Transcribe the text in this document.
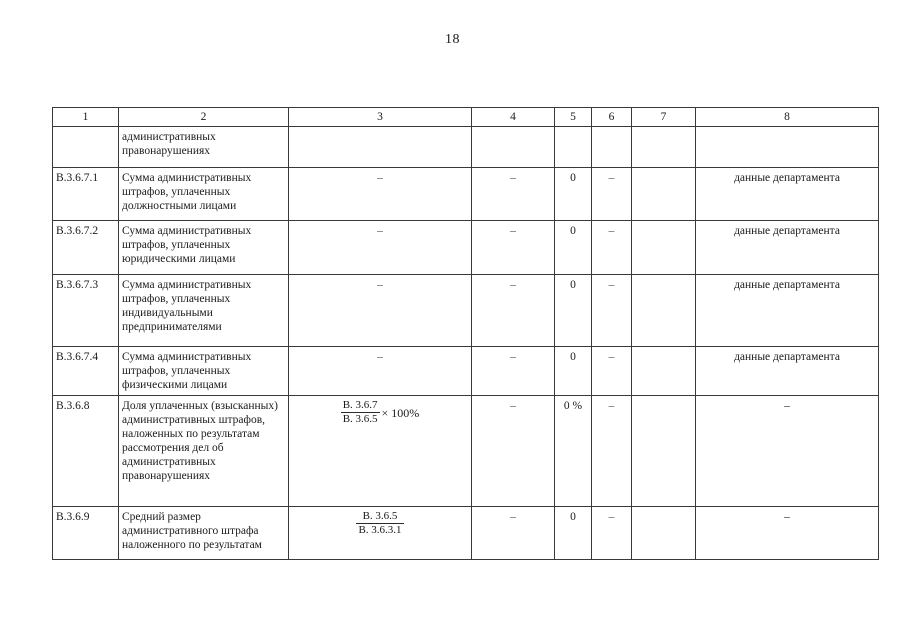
18
1	2	3	4	5	6	7	8
	административных правонарушениях						
В.3.6.7.1	Сумма административных штрафов, уплаченных должностными лицами	–	–	0	–		данные департамента
В.3.6.7.2	Сумма административных штрафов, уплаченных юридическими лицами	–	–	0	–		данные департамента
В.3.6.7.3	Сумма административных штрафов, уплаченных индивидуальными предпринимателями	–	–	0	–		данные департамента
В.3.6.7.4	Сумма административных штрафов, уплаченных физическими лицами	–	–	0	–		данные департамента
В.3.6.8	Доля уплаченных (взысканных) административных штрафов, наложенных по результатам рассмотрения дел об административных правонарушениях	$\frac{В. 3.6.7}{В. 3.6.5} \times 100\%$	–	0 %	–		–
В.3.6.9	Средний размер административного штрафа наложенного по результатам	$\frac{В. 3.6.5}{В. 3.6.3.1}$	–	0	–		–
